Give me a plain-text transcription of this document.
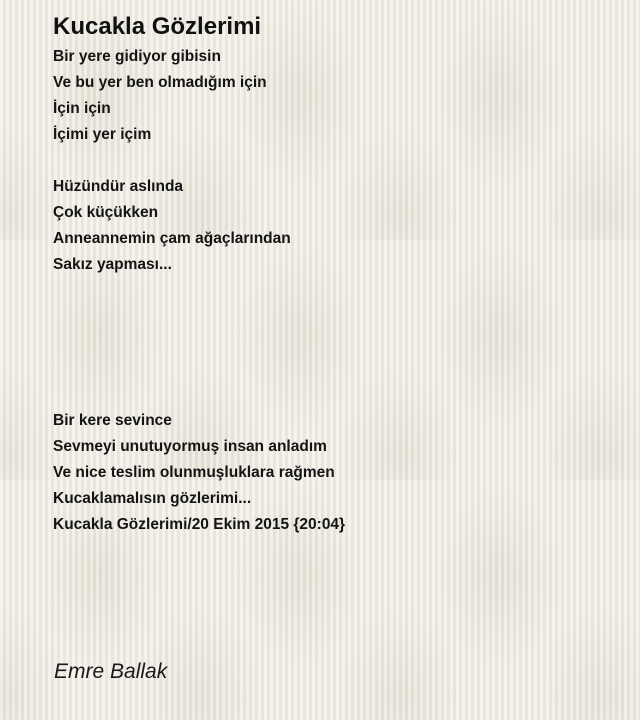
Kucakla Gözlerimi
Bir yere gidiyor gibisin
Ve bu yer ben olmadığım için
İçin için
İçimi yer içim
Hüzündür aslında
Çok küçükken
Anneannemin çam ağaçlarından
Sakız yapması...
Bir kere sevince
Sevmeyi unutuyormuş insan anladım
Ve nice teslim olunmuşluklara rağmen
Kucaklamalısın gözlerimi...
Kucakla Gözlerimi/20 Ekim 2015 {20:04}
Emre Ballak
